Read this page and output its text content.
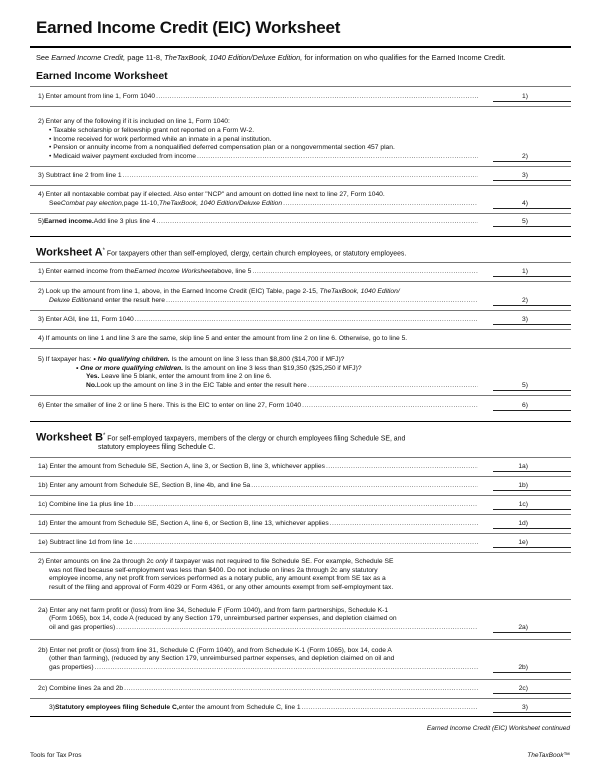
Earned Income Credit (EIC) Worksheet
See Earned Income Credit, page 11-8, TheTaxBook, 1040 Edition/Deluxe Edition, for information on who qualifies for the Earned Income Credit.
Earned Income Worksheet
1) Enter amount from line 1, Form 1040 .....	1)
2) Enter any of the following if it is included on line 1, Form 1040:
• Taxable scholarship or fellowship grant not reported on a Form W-2.
• Income received for work performed while an inmate in a penal institution.
• Pension or annuity income from a nonqualified deferred compensation plan or a nongovernmental section 457 plan.
• Medicaid waiver payment excluded from income .....	2)
3) Subtract line 2 from line 1 .....	3)
4) Enter all nontaxable combat pay if elected. Also enter "NCP" and amount on dotted line next to line 27, Form 1040.
See Combat pay election, page 11-10, TheTaxBook, 1040 Edition/Deluxe Edition .....	4)
5) Earned income. Add line 3 plus line 4 .....	5)
Worksheet A* For taxpayers other than self-employed, clergy, certain church employees, or statutory employees.
1) Enter earned income from the Earned Income Worksheet above, line 5 .....	1)
2) Look up the amount from line 1, above, in the Earned Income Credit (EIC) Table, page 2-15, TheTaxBook, 1040 Edition/
Deluxe Edition and enter the result here .....	2)
3) Enter AGI, line 11, Form 1040 .....	3)
4) If amounts on line 1 and line 3 are the same, skip line 5 and enter the amount from line 2 on line 6. Otherwise, go to line 5.
5) If taxpayer has: • No qualifying children. Is the amount on line 3 less than $8,800 ($14,700 if MFJ)?
• One or more qualifying children. Is the amount on line 3 less than $19,350 ($25,250 if MFJ)?
Yes. Leave line 5 blank, enter the amount from line 2 on line 6.
No. Look up the amount on line 3 in the EIC Table and enter the result here .....	5)
6) Enter the smaller of line 2 or line 5 here. This is the EIC to enter on line 27, Form 1040 .....	6)
Worksheet B* For self-employed taxpayers, members of the clergy or church employees filing Schedule SE, and
statutory employees filing Schedule C.
1a) Enter the amount from Schedule SE, Section A, line 3, or Section B, line 3, whichever applies .....	1a)
1b) Enter any amount from Schedule SE, Section B, line 4b, and line 5a .....	1b)
1c) Combine line 1a plus line 1b .....	1c)
1d) Enter the amount from Schedule SE, Section A, line 6, or Section B, line 13, whichever applies .....	1d)
1e) Subtract line 1d from line 1c .....	1e)
2) Enter amounts on line 2a through 2c only if taxpayer was not required to file Schedule SE. For example, Schedule SE
was not filed because self-employment was less than $400. Do not include on lines 2a through 2c any statutory
employee income, any net profit from services performed as a notary public, any amount exempt from SE tax as a
result of the filing and approval of Form 4029 or Form 4361, or any other amounts exempt from self-employment tax.
2a) Enter any net farm profit or (loss) from line 34, Schedule F (Form 1040), and from farm partnerships, Schedule K-1
(Form 1065), box 14, code A (reduced by any Section 179, unreimbursed partner expenses, and depletion claimed on
oil and gas properties) .....	2a)
2b) Enter net profit or (loss) from line 31, Schedule C (Form 1040), and from Schedule K-1 (Form 1065), box 14, code A
(other than farming), (reduced by any Section 179, unreimbursed partner expenses, and depletion claimed on oil and
gas properties) .....	2b)
2c) Combine lines 2a and 2b .....	2c)
3) Statutory employees filing Schedule C, enter the amount from Schedule C, line 1 .....	3)
Earned Income Credit (EIC) Worksheet continued
Tools for Tax Pros	TheTaxBook™
